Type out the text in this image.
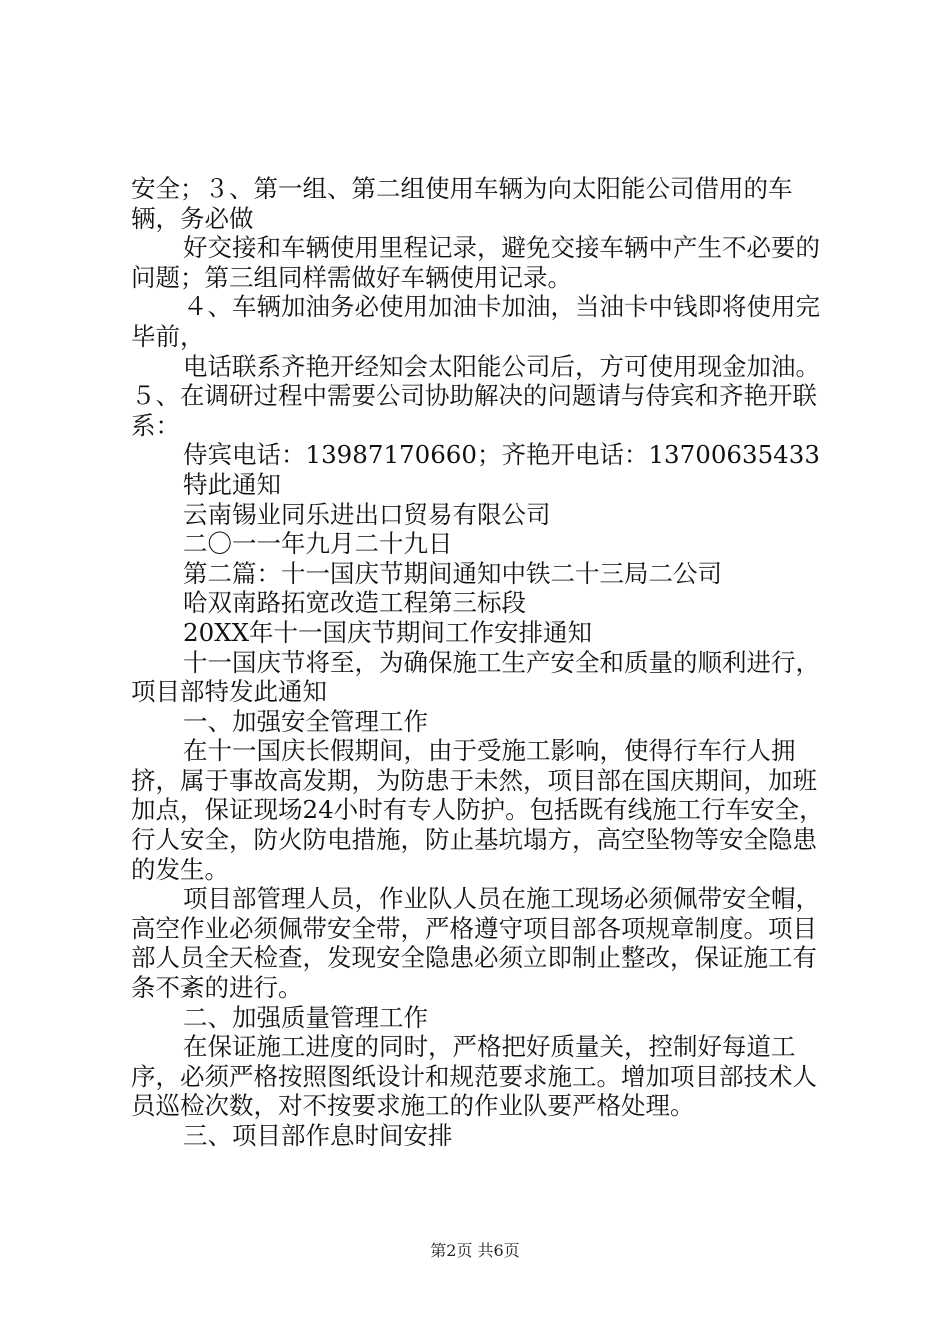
安全；３、第一组、第二组使用车辆为向太阳能公司借用的车辆，务必做

好交接和车辆使用里程记录，避免交接车辆中产生不必要的问题；第三组同样需做好车辆使用记录。

４、车辆加油务必使用加油卡加油，当油卡中钱即将使用完毕前，

电话联系齐艳开经知会太阳能公司后，方可使用现金加油。５、在调研过程中需要公司协助解决的问题请与侍宾和齐艳开联系：

侍宾电话：13987170660；齐艳开电话：13700635433

特此通知

云南锡业同乐进出口贸易有限公司

二〇一一年九月二十九日

第二篇：十一国庆节期间通知中铁二十三局二公司

哈双南路拓宽改造工程第三标段

20XX年十一国庆节期间工作安排通知

十一国庆节将至，为确保施工生产安全和质量的顺利进行，项目部特发此通知

一、加强安全管理工作

在十一国庆长假期间，由于受施工影响，使得行车行人拥挤，属于事故高发期，为防患于未然，项目部在国庆期间，加班加点，保证现场24小时有专人防护。包括既有线施工行车安全，行人安全，防火防电措施，防止基坑塌方，高空坠物等安全隐患的发生。

项目部管理人员，作业队人员在施工现场必须佩带安全帽，高空作业必须佩带安全带，严格遵守项目部各项规章制度。项目部人员全天检查，发现安全隐患必须立即制止整改，保证施工有条不紊的进行。

二、加强质量管理工作

在保证施工进度的同时，严格把好质量关，控制好每道工序，必须严格按照图纸设计和规范要求施工。增加项目部技术人员巡检次数，对不按要求施工的作业队要严格处理。

三、项目部作息时间安排

第2页 共6页
